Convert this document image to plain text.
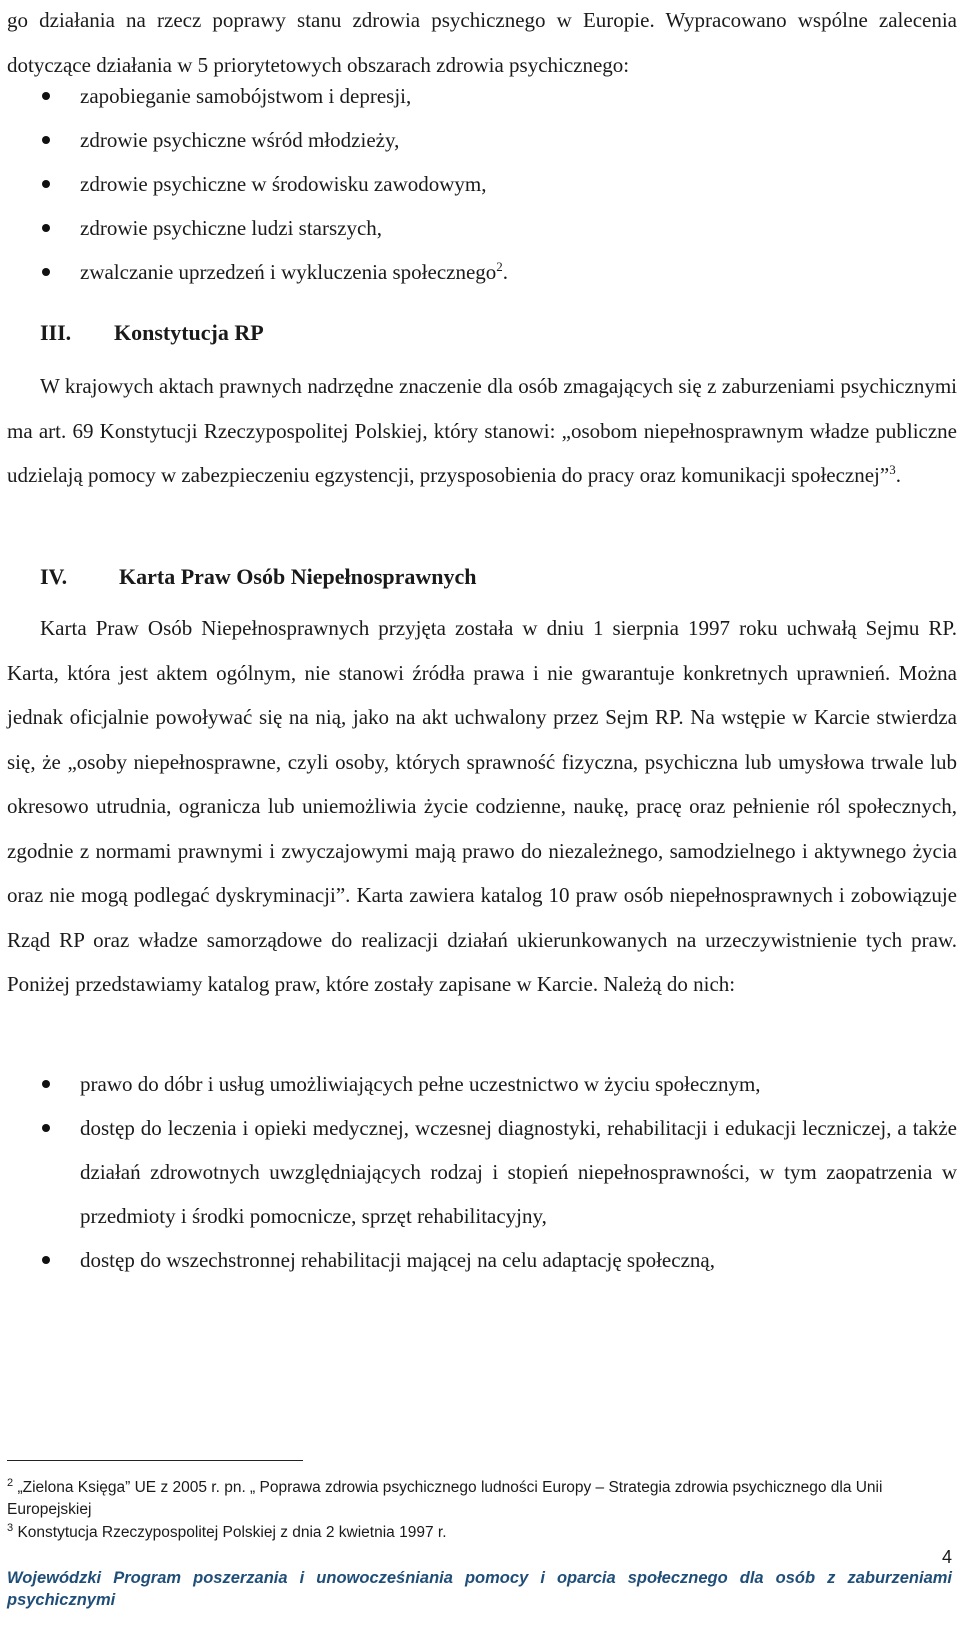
go działania na rzecz poprawy stanu zdrowia psychicznego w Europie. Wypracowano wspólne zalecenia dotyczące działania w 5 priorytetowych obszarach zdrowia psychicznego:

zapobieganie samobójstwom i depresji,
zdrowie psychiczne wśród młodzieży,
zdrowie psychiczne w środowisku zawodowym,
zdrowie psychiczne ludzi starszych,
zwalczanie uprzedzeń i wykluczenia społecznego$^2$.
III. Konstytucja RP

W krajowych aktach prawnych nadrzędne znaczenie dla osób zmagających się z zaburzeniami psychicznymi ma art. 69 Konstytucji Rzeczypospolitej Polskiej, który stanowi: „osobom niepełnosprawnym władze publiczne udzielają pomocy w zabezpieczeniu egzystencji, przysposobienia do pracy oraz komunikacji społecznej”$^3$.

IV. Karta Praw Osób Niepełnosprawnych

Karta Praw Osób Niepełnosprawnych przyjęta została w dniu 1 sierpnia 1997 roku uchwałą Sejmu RP. Karta, która jest aktem ogólnym, nie stanowi źródła prawa i nie gwarantuje konkretnych uprawnień. Można jednak oficjalnie powoływać się na nią, jako na akt uchwalony przez Sejm RP. Na wstępie w Karcie stwierdza się, że „osoby niepełnosprawne, czyli osoby, których sprawność fizyczna, psychiczna lub umysłowa trwale lub okresowo utrudnia, ogranicza lub uniemożliwia życie codzienne, naukę, pracę oraz pełnienie ról społecznych, zgodnie z normami prawnymi i zwyczajowymi mają prawo do niezależnego, samodzielnego i aktywnego życia oraz nie mogą podlegać dyskryminacji”. Karta zawiera katalog 10 praw osób niepełnosprawnych i zobowiązuje Rząd RP oraz władze samorządowe do realizacji działań ukierunkowanych na urzeczywistnienie tych praw. Poniżej przedstawiamy katalog praw, które zostały zapisane w Karcie. Należą do nich:

prawo do dóbr i usług umożliwiających pełne uczestnictwo w życiu społecznym,
dostęp do leczenia i opieki medycznej, wczesnej diagnostyki, rehabilitacji i edukacji leczniczej, a także działań zdrowotnych uwzględniających rodzaj i stopień niepełnosprawności, w tym zaopatrzenia w przedmioty i środki pomocnicze, sprzęt rehabilitacyjny,
dostęp do wszechstronnej rehabilitacji mającej na celu adaptację społeczną,

$^2$ „Zielona Księga” UE z 2005 r. pn. „ Poprawa zdrowia psychicznego ludności Europy – Strategia zdrowia psychicznego dla Unii Europejskiej

$^3$ Konstytucja Rzeczypospolitej Polskiej z dnia 2 kwietnia 1997 r.

4

Wojewódzki Program poszerzania i unowocześniania pomocy i oparcia społecznego dla osób z zaburzeniami psychicznymi
